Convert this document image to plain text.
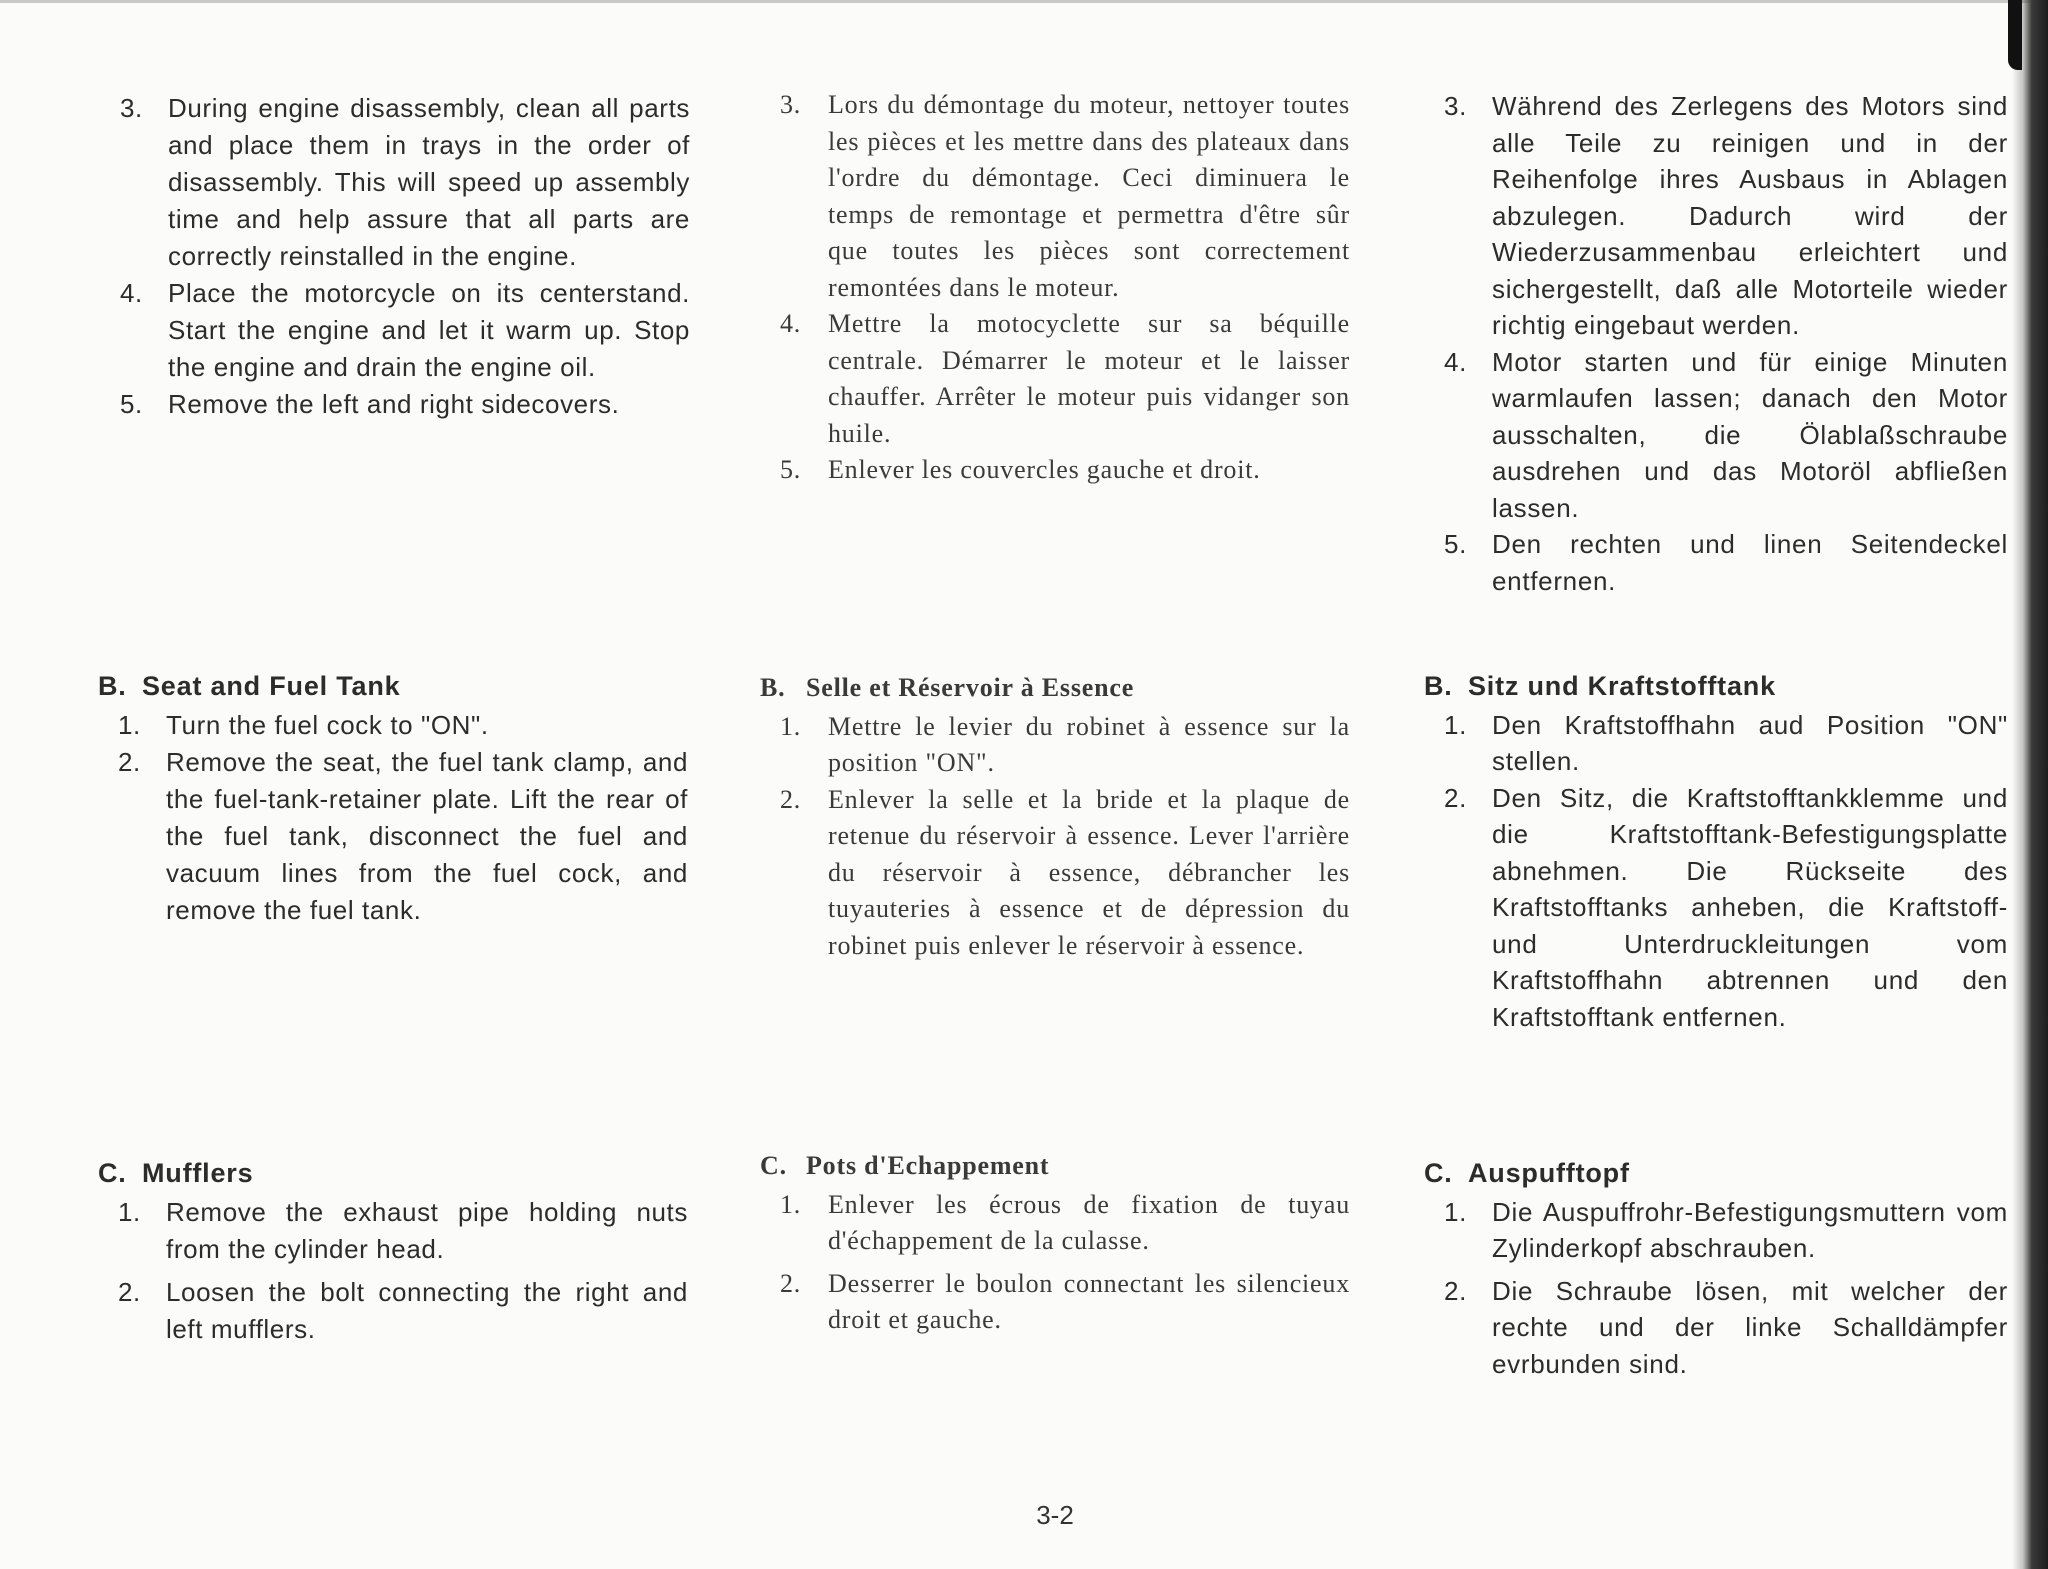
3. During engine disassembly, clean all parts and place them in trays in the order of disassembly. This will speed up assembly time and help assure that all parts are correctly reinstalled in the engine.
4. Place the motorcycle on its centerstand. Start the engine and let it warm up. Stop the engine and drain the engine oil.
5. Remove the left and right sidecovers.
B. Seat and Fuel Tank
1. Turn the fuel cock to "ON".
2. Remove the seat, the fuel tank clamp, and the fuel-tank-retainer plate. Lift the rear of the fuel tank, disconnect the fuel and vacuum lines from the fuel cock, and remove the fuel tank.
C. Mufflers
1. Remove the exhaust pipe holding nuts from the cylinder head.
2. Loosen the bolt connecting the right and left mufflers.
3. Lors du démontage du moteur, nettoyer toutes les pièces et les mettre dans des plateaux dans l'ordre du démontage. Ceci diminuera le temps de remontage et permettra d'être sûr que toutes les pièces sont correctement remontées dans le moteur.
4. Mettre la motocyclette sur sa béquille centrale. Démarrer le moteur et le laisser chauffer. Arrêter le moteur puis vidanger son huile.
5. Enlever les couvercles gauche et droit.
B. Selle et Réservoir à Essence
1. Mettre le levier du robinet à essence sur la position "ON".
2. Enlever la selle et la bride et la plaque de retenue du réservoir à essence. Lever l'arrière du réservoir à essence, débrancher les tuyauteries à essence et de dépression du robinet puis enlever le réservoir à essence.
C. Pots d'Echappement
1. Enlever les écrous de fixation de tuyau d'échappement de la culasse.
2. Desserrer le boulon connectant les silencieux droit et gauche.
3. Während des Zerlegens des Motors sind alle Teile zu reinigen und in der Reihenfolge ihres Ausbaus in Ablagen abzulegen. Dadurch wird der Wiederzusammenbau erleichtert und sichergestellt, daß alle Motorteile wieder richtig eingebaut werden.
4. Motor starten und für einige Minuten warmlaufen lassen; danach den Motor ausschalten, die Ölablaßschraube ausdrehen und das Motoröl abfließen lassen.
5. Den rechten und linen Seitendeckel entfernen.
B. Sitz und Kraftstofftank
1. Den Kraftstoffhahn aud Position "ON" stellen.
2. Den Sitz, die Kraftstofftankklemme und die Kraftstofftank-Befestigungsplatte abnehmen. Die Rückseite des Kraftstofftanks anheben, die Kraftstoff- und Unterdruckleitungen vom Kraftstoffhahn abtrennen und den Kraftstofftank entfernen.
C. Auspufftopf
1. Die Auspuffrohr-Befestigungsmuttern vom Zylinderkopf abschrauben.
2. Die Schraube lösen, mit welcher der rechte und der linke Schalldämpfer evrbunden sind.
3-2
